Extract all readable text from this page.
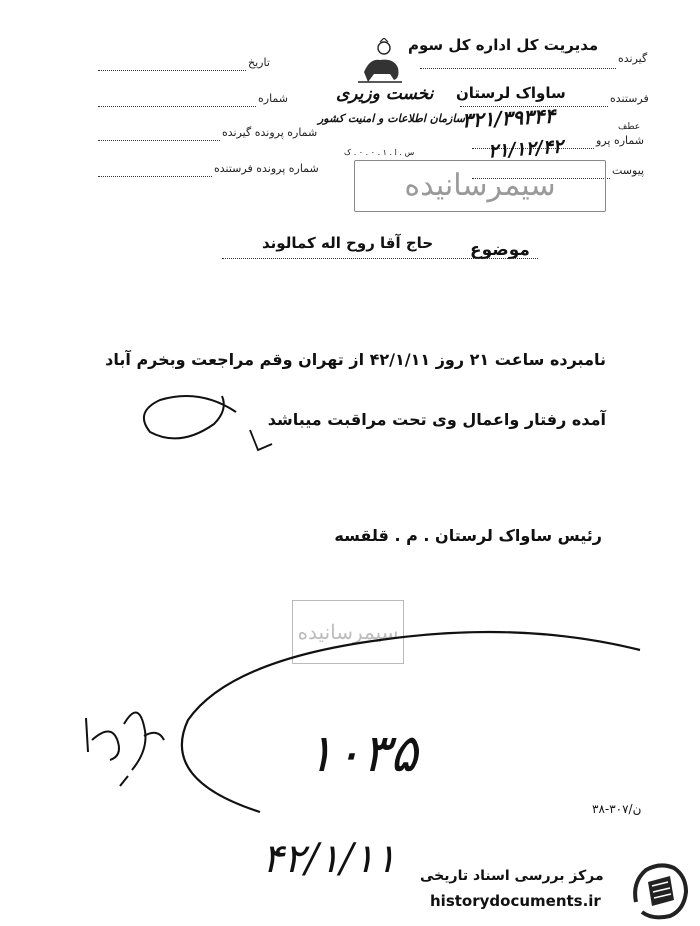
تاریخ
شماره
شماره پرونده گیرنده
شماره پرونده فرستنده
نخست وزیری
سازمان اطلاعات و امنیت کشور
س . ا . ۱ . ۰ . ۰ . ک
گیرنده
مدیریت کل اداره کل سوم
فرستنده
ساواک لرستان
عطف
شماره پرو
۳۲۱/۳۹۳۴۴
پیوست
۲۱/۱۲/۴۲
سیمرسانیده
موضوع
حاج آقا روح اله کمالوند
نامبرده ساعت ۲۱ روز ۴۲/۱/۱۱ از تهران وقم مراجعت وبخرم آباد
آمده رفتار واعمال وی تحت مراقبت میباشد
رئیس ساواک لرستان . م . قلقسه
سیمرسانیده
۱۰۳۵
۳۸-۳۰۷/ن
۴۲/۱/۱۱ مرکز بررسی اسناد تاریخی
historydocuments.ir
